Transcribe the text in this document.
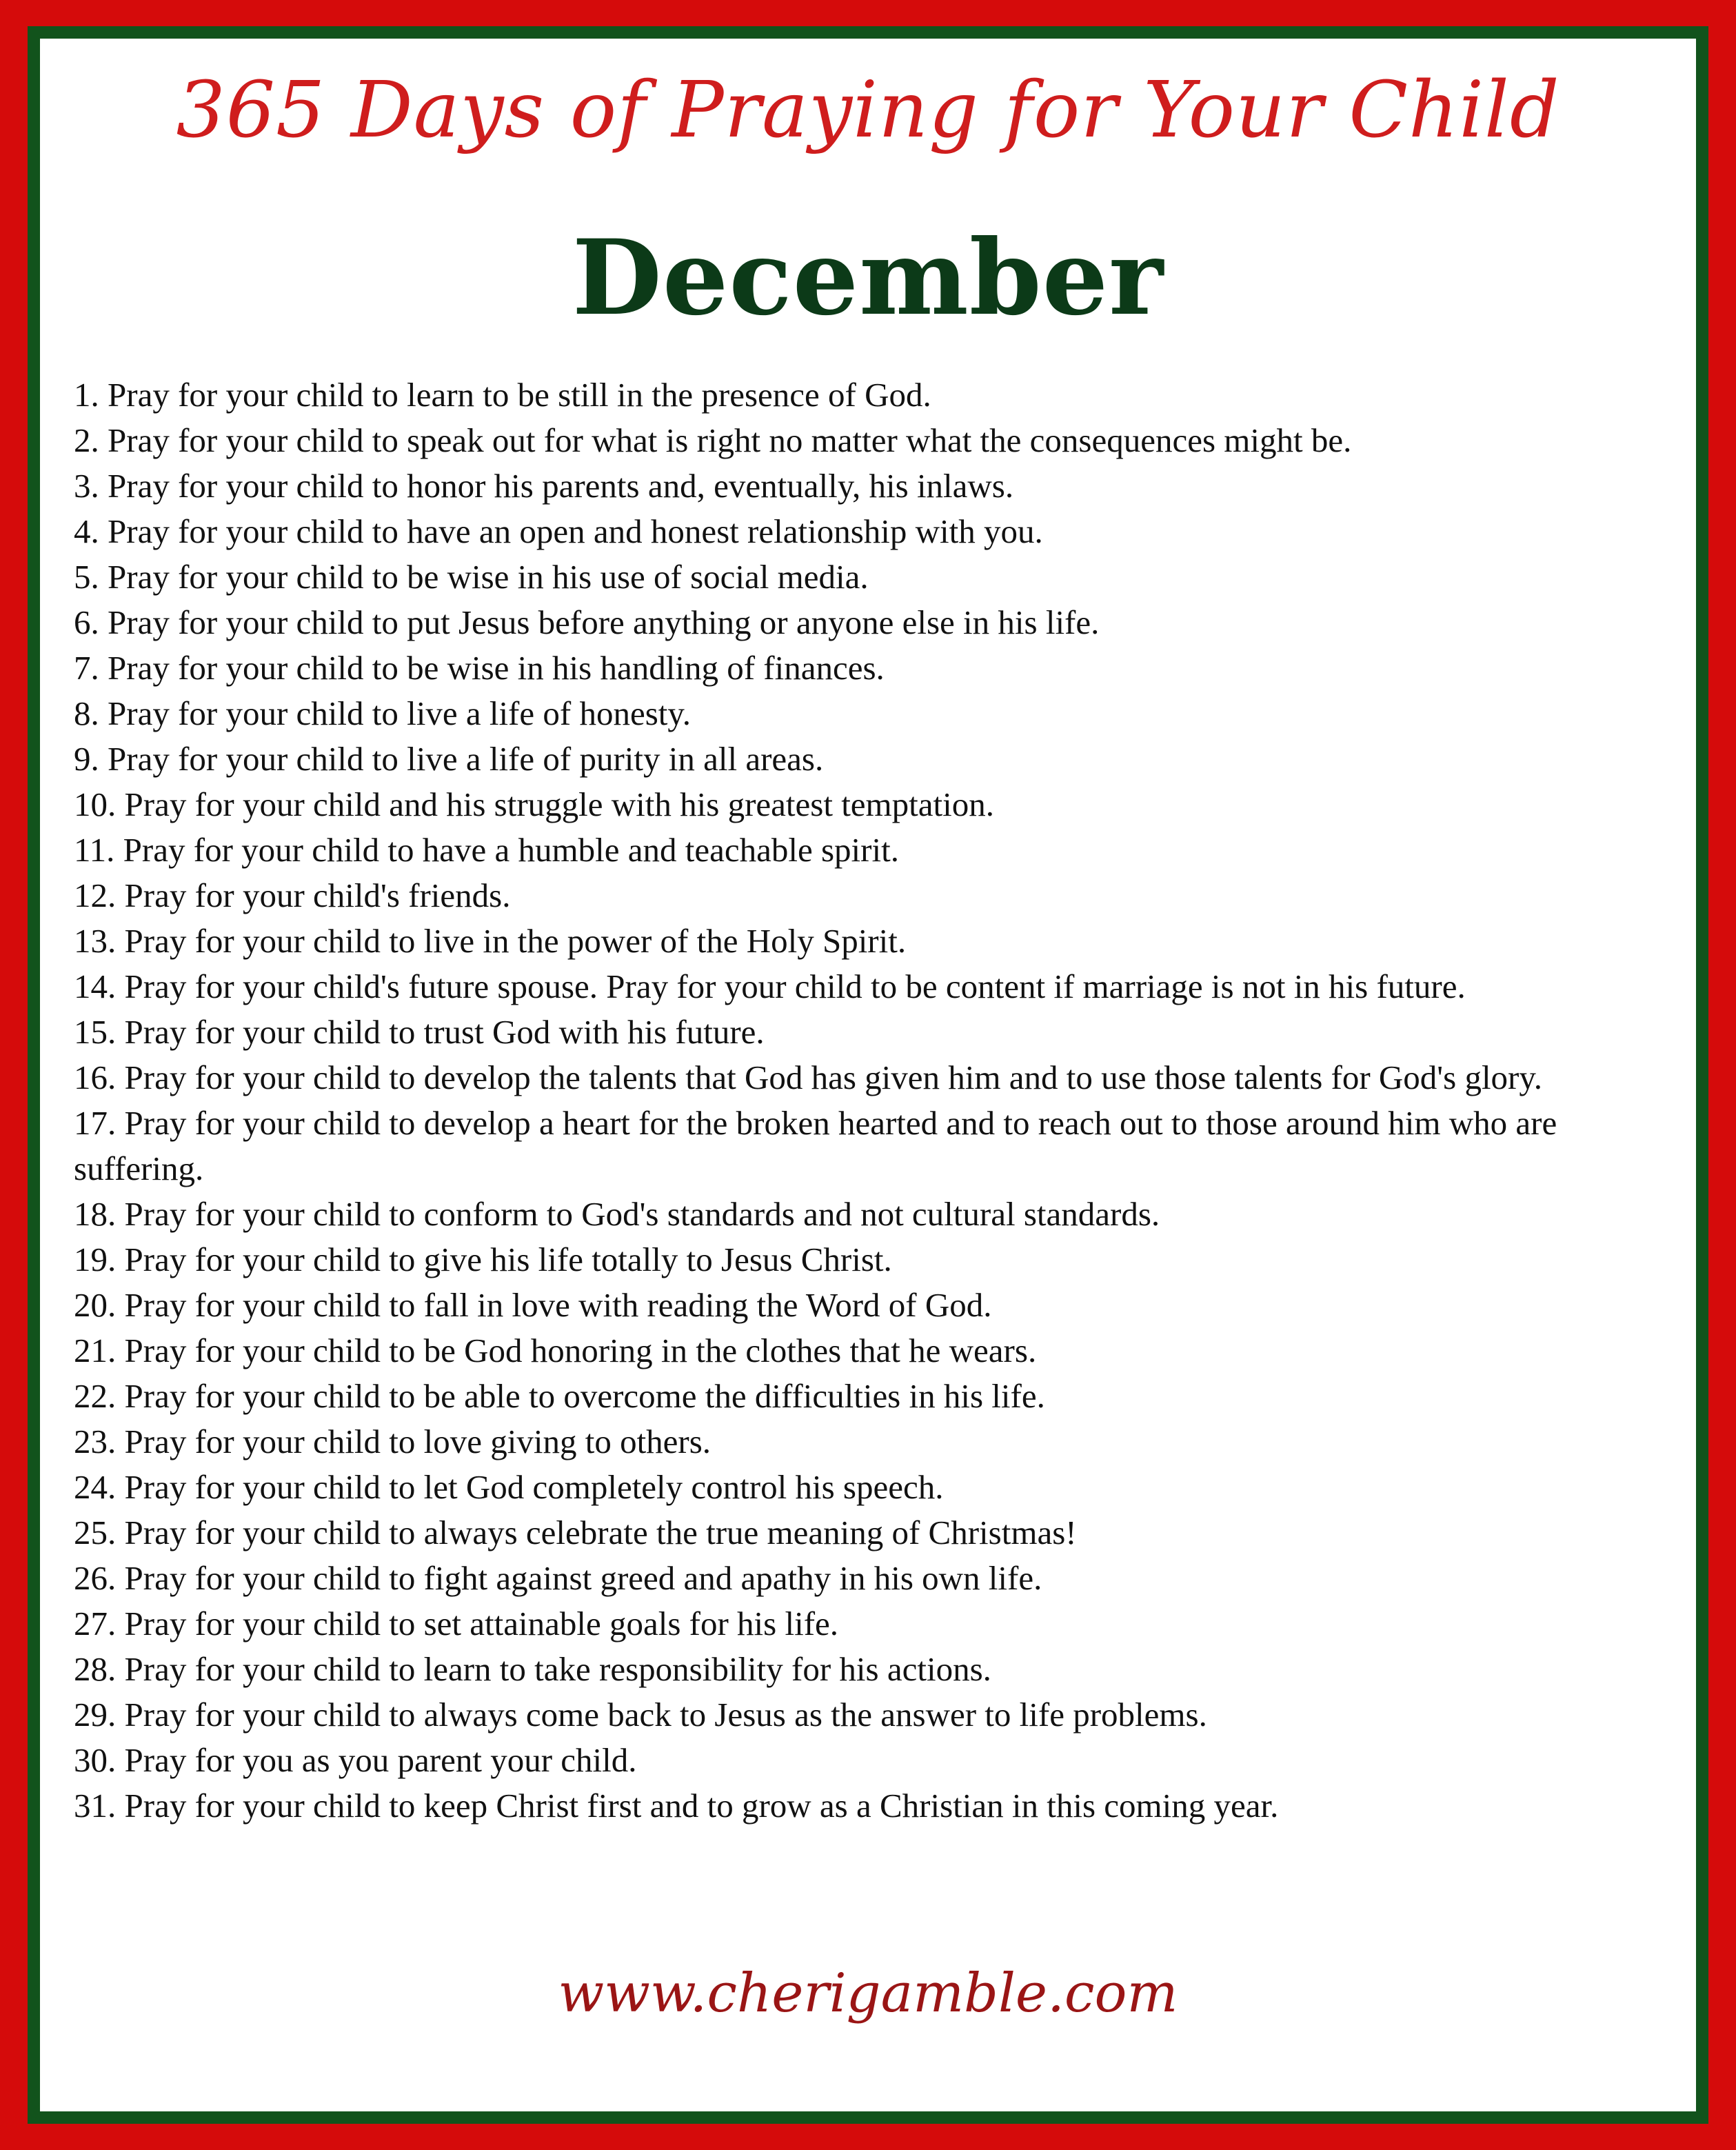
365 Days of Praying for Your Child
December
1. Pray for your child to learn to be still in the presence of God.
2. Pray for your child to speak out for what is right no matter what the consequences might be.
3. Pray for your child to honor his parents and, eventually, his inlaws.
4. Pray for your child to have an open and honest relationship with you.
5. Pray for your child to be wise in his use of social media.
6. Pray for your child to put Jesus before anything or anyone else in his life.
7. Pray for your child to be wise in his handling of finances.
8. Pray for your child to live a life of honesty.
9. Pray for your child to live a life of purity in all areas.
10. Pray for your child and his struggle with his greatest temptation.
11. Pray for your child to have a humble and teachable spirit.
12. Pray for your child's friends.
13. Pray for your child to live in the power of the Holy Spirit.
14. Pray for your child's future spouse. Pray for your child to be content if marriage is not in his future.
15. Pray for your child to trust God with his future.
16. Pray for your child to develop the talents that God has given him and to use those talents for God's glory.
17. Pray for your child to develop a heart for the broken hearted and to reach out to those around him who are suffering.
18. Pray for your child to conform to God's standards and not cultural standards.
19. Pray for your child to give his life totally to Jesus Christ.
20. Pray for your child to fall in love with reading the Word of God.
21. Pray for your child to be God honoring in the clothes that he wears.
22. Pray for your child to be able to overcome the difficulties in his life.
23. Pray for your child to love giving to others.
24. Pray for your child to let God completely control his speech.
25. Pray for your child to always celebrate the true meaning of Christmas!
26. Pray for your child to fight against greed and apathy in his own life.
27. Pray for your child to set attainable goals for his life.
28. Pray for your child to learn to take responsibility for his actions.
29. Pray for your child to always come back to Jesus as the answer to life problems.
30. Pray for you as you parent your child.
31. Pray for your child to keep Christ first and to grow as a Christian in this coming year.
www.cherigamble.com
